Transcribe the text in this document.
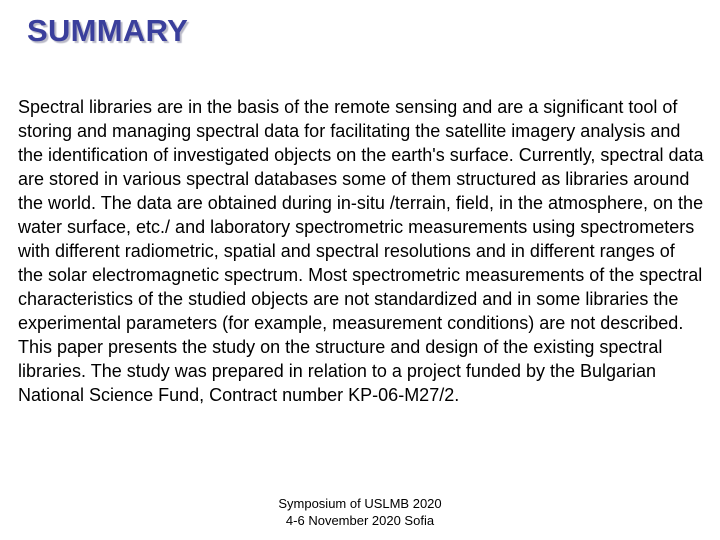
SUMMARY

Spectral libraries are in the basis of the remote sensing and are a significant tool of storing and managing spectral data for facilitating the satellite imagery analysis and the identification of investigated objects on the earth's surface. Currently, spectral data are stored in various spectral databases some of them structured as libraries around the world. The data are obtained during in-situ /terrain, field, in the atmosphere, on the water surface, etc./ and laboratory spectrometric measurements using spectrometers with different radiometric, spatial and spectral resolutions and in different ranges of the solar electromagnetic spectrum. Most spectrometric measurements of the spectral characteristics of the studied objects are not standardized and in some libraries the experimental parameters (for example, measurement conditions) are not described. This paper presents the study on the structure and design of the existing spectral libraries. The study was prepared in relation to a project funded by the Bulgarian National Science Fund, Contract number KP-06-M27/2.

Symposium of USLMB 2020
4-6 November 2020 Sofia
